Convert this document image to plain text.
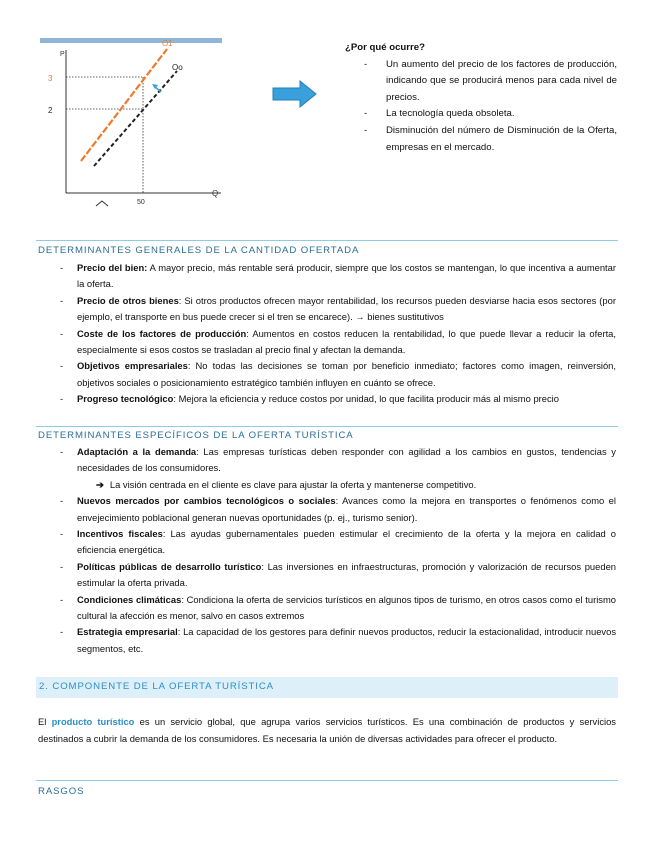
P
Q
3
2
O1
Oo
50
¿Por qué ocurre?
- Un aumento del precio de los factores de producción, indicando que se producirá menos para cada nivel de precios.
- La tecnología queda obsoleta.
- Disminución del número de Disminución de la Oferta, empresas en el mercado.
DETERMINANTES GENERALES DE LA CANTIDAD OFERTADA
- Precio del bien: A mayor precio, más rentable será producir, siempre que los costos se mantengan, lo que incentiva a aumentar la oferta.
- Precio de otros bienes: Si otros productos ofrecen mayor rentabilidad, los recursos pueden desviarse hacia esos sectores (por ejemplo, el transporte en bus puede crecer si el tren se encarece). → bienes sustitutivos
- Coste de los factores de producción: Aumentos en costos reducen la rentabilidad, lo que puede llevar a reducir la oferta, especialmente si esos costos se trasladan al precio final y afectan la demanda.
- Objetivos empresariales: No todas las decisiones se toman por beneficio inmediato; factores como imagen, reinversión, objetivos sociales o posicionamiento estratégico también influyen en cuánto se ofrece.
- Progreso tecnológico: Mejora la eficiencia y reduce costos por unidad, lo que facilita producir más al mismo precio
DETERMINANTES ESPECÍFICOS DE LA OFERTA TURÍSTICA
- Adaptación a la demanda: Las empresas turísticas deben responder con agilidad a los cambios en gustos, tendencias y necesidades de los consumidores.
➔ La visión centrada en el cliente es clave para ajustar la oferta y mantenerse competitivo.
- Nuevos mercados por cambios tecnológicos o sociales: Avances como la mejora en transportes o fenómenos como el envejecimiento poblacional generan nuevas oportunidades (p. ej., turismo senior).
- Incentivos fiscales: Las ayudas gubernamentales pueden estimular el crecimiento de la oferta y la mejora en calidad o eficiencia energética.
- Políticas públicas de desarrollo turístico: Las inversiones en infraestructuras, promoción y valorización de recursos pueden estimular la oferta privada.
- Condiciones climáticas: Condiciona la oferta de servicios turísticos en algunos tipos de turismo, en otros casos como el turismo cultural la afección es menor, salvo en casos extremos
- Estrategia empresarial: La capacidad de los gestores para definir nuevos productos, reducir la estacionalidad, introducir nuevos segmentos, etc.
2. COMPONENTE DE LA OFERTA TURÍSTICA
El producto turístico es un servicio global, que agrupa varios servicios turísticos. Es una combinación de productos y servicios destinados a cubrir la demanda de los consumidores. Es necesaria la unión de diversas actividades para ofrecer el producto.
RASGOS
